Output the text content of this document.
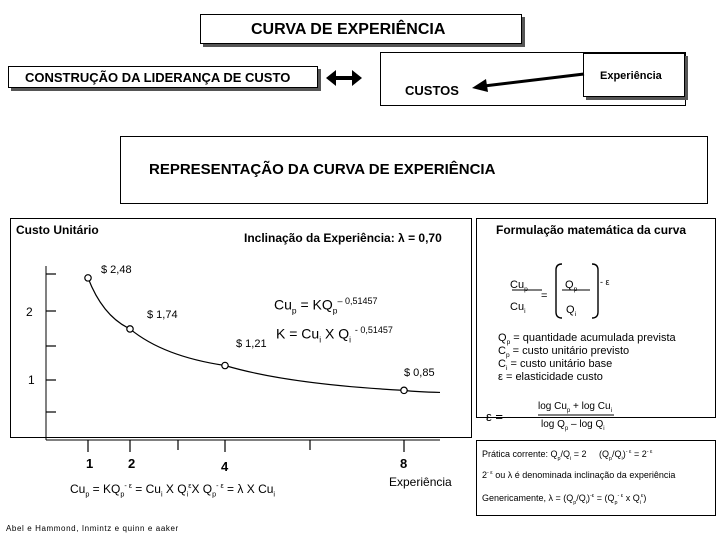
CURVA DE EXPERIÊNCIA
CONSTRUÇÃO DA LIDERANÇA DE CUSTO
CUSTOS
Experiência
REPRESENTAÇÃO DA CURVA DE EXPERIÊNCIA
Custo Unitário
Inclinação da Experiência: λ = 0,70
2
1
1	2	4	8
Experiência
$ 2,48
$ 1,74
$ 1,21
$ 0,85
$Cu_p = KQ_p^{- 0,51457}$
$K = Cu_i$ X $Q_i$ $^{- 0,51457}$
$Cu_p = KQ_p^{- \varepsilon} = Cu_i$ X $Q_i^\varepsilon X$ $Q_p^{- \varepsilon} = \lambda$ X $Cu_i$
Abel e Hammond, Inmintz e quinn e aaker
Formulação matemática da curva
$Cu_p$
$Cu_i$
=
$Q_p$
$Q_i$
- ε
$Q_p$ = quantidade acumulada prevista
$C_p$ = custo unitário previsto
$C_i$ = custo unitário base
ε = elasticidade custo
ε = -
$\log Cu_p + \log Cu_i$
$\log Q_p$ – $\log Q_i$
Prática corrente: $Q_p/Q_i = 2$ $(Q_p/Q_i)^{- \varepsilon} = 2^{- \varepsilon}$
$2^{- \varepsilon}$ ou λ é denominada inclinação da experiência
Genericamente, $\lambda = (Q_p/Q_i)^{-\varepsilon} = (Q_p^{- \varepsilon}$ x $Q_i^\varepsilon$)
